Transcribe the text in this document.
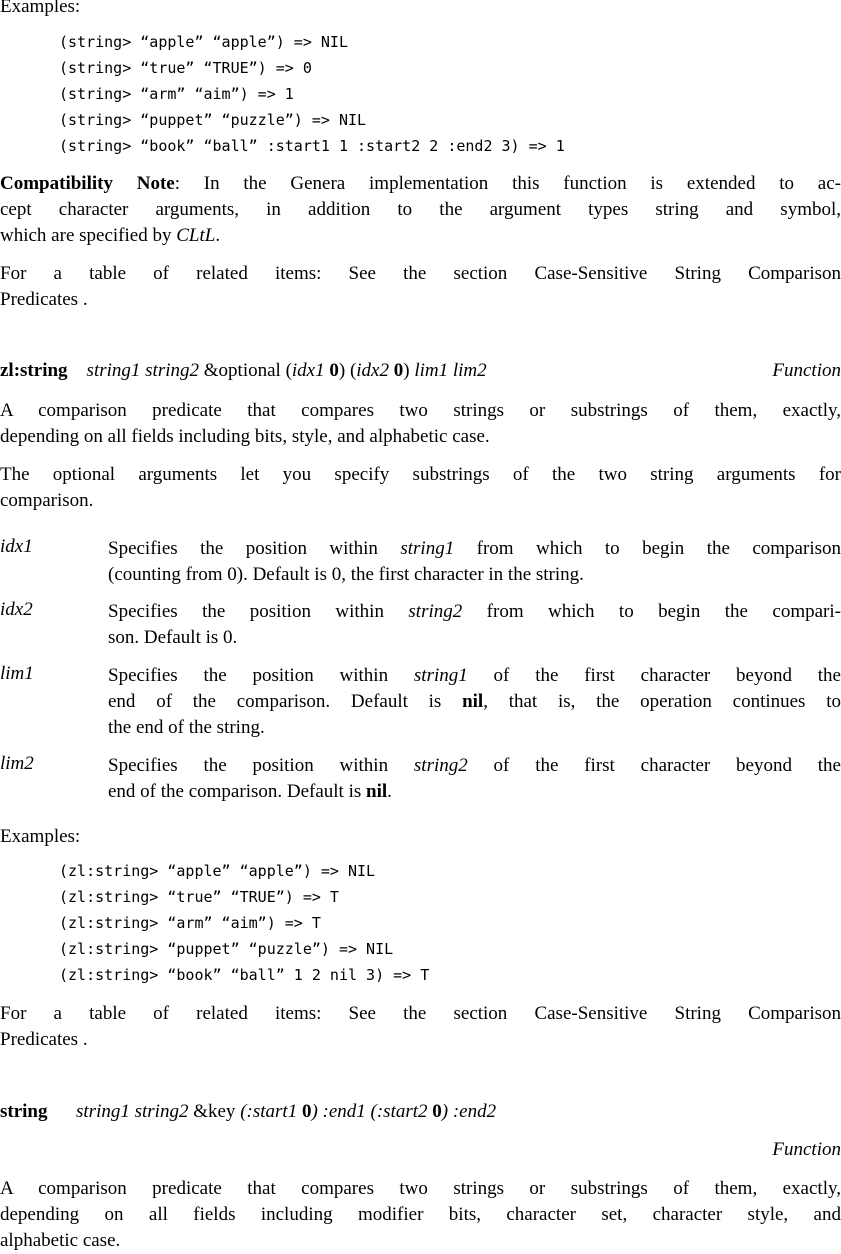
Examples:
(string> “apple” “apple”) => NIL
(string> “true” “TRUE”) => 0
(string> “arm” “aim”) => 1
(string> “puppet” “puzzle”) => NIL
(string> “book” “ball” :start1 1 :start2 2 :end2 3) => 1
Compatibility Note: In the Genera implementation this function is extended to ac-
cept character arguments, in addition to the argument types string and symbol,
which are specified by CLtL.
For a table of related items: See the section Case-Sensitive String Comparison
Predicates .
zl:string string1 string2 &optional (idx1 0) (idx2 0) lim1 lim2	Function
A comparison predicate that compares two strings or substrings of them, exactly,
depending on all fields including bits, style, and alphabetic case.
The optional arguments let you specify substrings of the two string arguments for
comparison.
idx1	Specifies the position within string1 from which to begin the comparison
(counting from 0). Default is 0, the first character in the string.
idx2	Specifies the position within string2 from which to begin the compari-
son. Default is 0.
lim1	Specifies the position within string1 of the first character beyond the
end of the comparison. Default is nil, that is, the operation continues to
the end of the string.
lim2	Specifies the position within string2 of the first character beyond the
end of the comparison. Default is nil.
Examples:
(zl:string> “apple” “apple”) => NIL
(zl:string> “true” “TRUE”) => T
(zl:string> “arm” “aim”) => T
(zl:string> “puppet” “puzzle”) => NIL
(zl:string> “book” “ball” 1 2 nil 3) => T
For a table of related items: See the section Case-Sensitive String Comparison
Predicates .
string string1 string2 &key (:start1 0) :end1 (:start2 0) :end2
Function
A comparison predicate that compares two strings or substrings of them, exactly,
depending on all fields including modifier bits, character set, character style, and
alphabetic case.
